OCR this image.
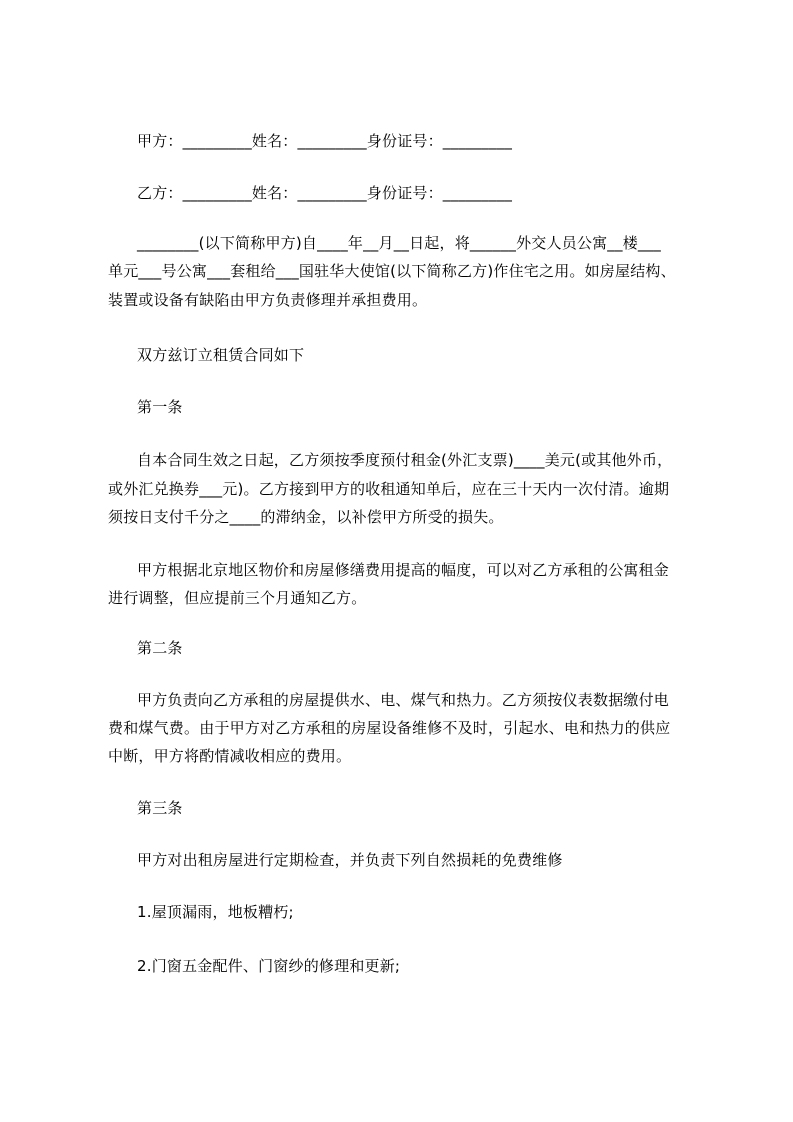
甲方：_________姓名：_________身份证号：_________
乙方：_________姓名：_________身份证号：_________
________(以下简称甲方)自____年__月__日起，将______外交人员公寓__楼___
单元___号公寓___套租给___国驻华大使馆(以下简称乙方)作住宅之用。如房屋结构、
装置或设备有缺陷由甲方负责修理并承担费用。
双方兹订立租赁合同如下
第一条
自本合同生效之日起，乙方须按季度预付租金(外汇支票)____美元(或其他外币，
或外汇兑换券___元)。乙方接到甲方的收租通知单后，应在三十天内一次付清。逾期
须按日支付千分之____的滞纳金，以补偿甲方所受的损失。
甲方根据北京地区物价和房屋修缮费用提高的幅度，可以对乙方承租的公寓租金
进行调整，但应提前三个月通知乙方。
第二条
甲方负责向乙方承租的房屋提供水、电、煤气和热力。乙方须按仪表数据缴付电
费和煤气费。由于甲方对乙方承租的房屋设备维修不及时，引起水、电和热力的供应
中断，甲方将酌情减收相应的费用。
第三条
甲方对出租房屋进行定期检查，并负责下列自然损耗的免费维修
1.屋顶漏雨，地板糟朽;
2.门窗五金配件、门窗纱的修理和更新;
